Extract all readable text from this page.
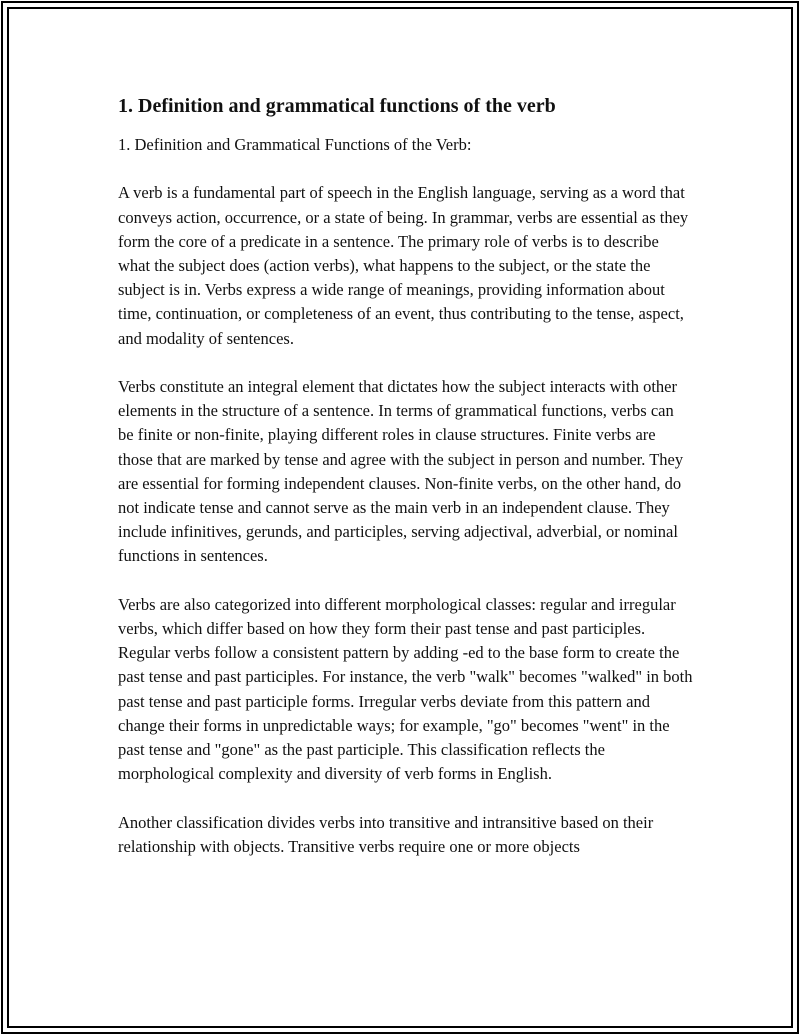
1. Definition and grammatical functions of the verb

1. Definition and Grammatical Functions of the Verb:

A verb is a fundamental part of speech in the English language, serving as a word that conveys action, occurrence, or a state of being. In grammar, verbs are essential as they form the core of a predicate in a sentence. The primary role of verbs is to describe what the subject does (action verbs), what happens to the subject, or the state the subject is in. Verbs express a wide range of meanings, providing information about time, continuation, or completeness of an event, thus contributing to the tense, aspect, and modality of sentences.

Verbs constitute an integral element that dictates how the subject interacts with other elements in the structure of a sentence. In terms of grammatical functions, verbs can be finite or non-finite, playing different roles in clause structures. Finite verbs are those that are marked by tense and agree with the subject in person and number. They are essential for forming independent clauses. Non-finite verbs, on the other hand, do not indicate tense and cannot serve as the main verb in an independent clause. They include infinitives, gerunds, and participles, serving adjectival, adverbial, or nominal functions in sentences.

Verbs are also categorized into different morphological classes: regular and irregular verbs, which differ based on how they form their past tense and past participles. Regular verbs follow a consistent pattern by adding -ed to the base form to create the past tense and past participles. For instance, the verb "walk" becomes "walked" in both past tense and past participle forms. Irregular verbs deviate from this pattern and change their forms in unpredictable ways; for example, "go" becomes "went" in the past tense and "gone" as the past participle. This classification reflects the morphological complexity and diversity of verb forms in English.

Another classification divides verbs into transitive and intransitive based on their relationship with objects. Transitive verbs require one or more objects
